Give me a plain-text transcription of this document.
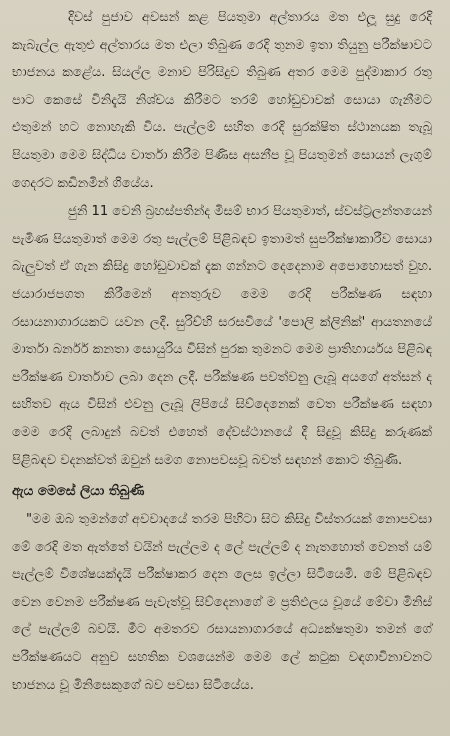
දිවස් පුජාව අවසන් කළ පියතුමා අල්තාරය මත එලූ සුදු රෙදි කැබැල්ල ඇතුළු අල්තාරය මත එලා තිබුණ රෙදි තුනම ඉතා තියුනු පරීක්ෂාවට භාජනය කළේය. සියල්ල මනාව පිරිසිදුව තිබුණ අතර මෙම පුද්මාකාර රතු පාට කෙසේ විනිදැයි නිශ්චය කිරීමට තරම් හෝඩුවාවක් සොයා ගැනීමට එතුමන් හට නොහැකි විය. පැල්ලම් සහිත රෙදි සුරක්ෂිත ස්ථානයක තැබූ පියතුමා මෙම සිද්ධිය වාර්තා කිරීම පිණිස අසනීප වූ පියතුමන් සොයන් ලැගුම් ගෙදරට කඩිනමින් ගියේය.

ජුනි 11 වෙනි බ්‍රහස්පතින්ද මිසම් භාර පියතුමාත්, ස්වස්ට්‍රලන්තයෙන් පැමිණ පියතුමාත් මෙම රතු පැල්ලම් පිළිබඳව ඉතාමත් සුපරීක්ෂාකාරීව සොයා බැලුවත් ඒ ගැන කිසිදු හෝඩුවාවක් දැක ගන්නට දෙදෙනාම අපොහොසත් වුහ. ජයාරාජපගත කිරීමෙන් අනතුරුව මෙම රෙදි පරීක්ෂණ සඳහා රසායනාගාරයකට යවන ලදී. සුරිච්හි සරසවියේ 'පොලි ක්ලිනික්' ආයතනයේ මාර්තා බර්නර් කනතා සොයුරිය විසින් පුරක තුමනට මෙම ප්‍රාතිහාර්යය පිළිබඳ පරීක්ෂණ වාර්තාව ලබා දෙන ලදී. පරීක්ෂණ පවත්වනු ලැබූ අයගේ අත්සන් ද සහිතව ඇය විසින් එවනු ලැබූ ලිපියේ සිව්දෙනෙක් වෙත පරීක්ෂණ සඳහා මෙම රෙදි ලබාදුන් බවත් එහෙත් දේවස්ථානයේ දී සිදුවූ කිසිදු කරුණක් පිළිබඳව වදනක්වත් ඔවුන් සමග නොපවසවූ බවත් සඳහන් කොට තිබුණි.

ඇය මෙසේ ලියා තිබුණි

"මම ඔබ තුමන්ගේ අවවාදයේ තරම පිහිටා සිට කිසිදු විස්තරයක් නොපවසා මේ රෙදි මත ඇත්තේ වයින් පැල්ලම ද ලේ පැල්ලම් ද නැතහොත් වෙනත් යම් පැල්ලම් විශේෂයක්දැයි පරීක්ෂාකර දෙන ලෙස ඉල්ලා සිටියෙමි. මේ පිළිබඳව වෙන වෙනම පරීක්ෂණ පැවැත්වූ සිව්දෙනාගේ ම ප්‍රතිඵලය වූයේ මේවා මිනිස් ලේ පැල්ලම් බවයි. මීට අමතරව රසායනාගාරයේ අධ්‍යක්ෂතුමා තමන් ගේ පරීක්ෂණයට අනුව සහතික වශයෙන්ම මෙම ලේ කටුක වඳගාවිනාවනට භාජනය වූ මිනිසෙකුගේ බව පවසා සිටියේය.
